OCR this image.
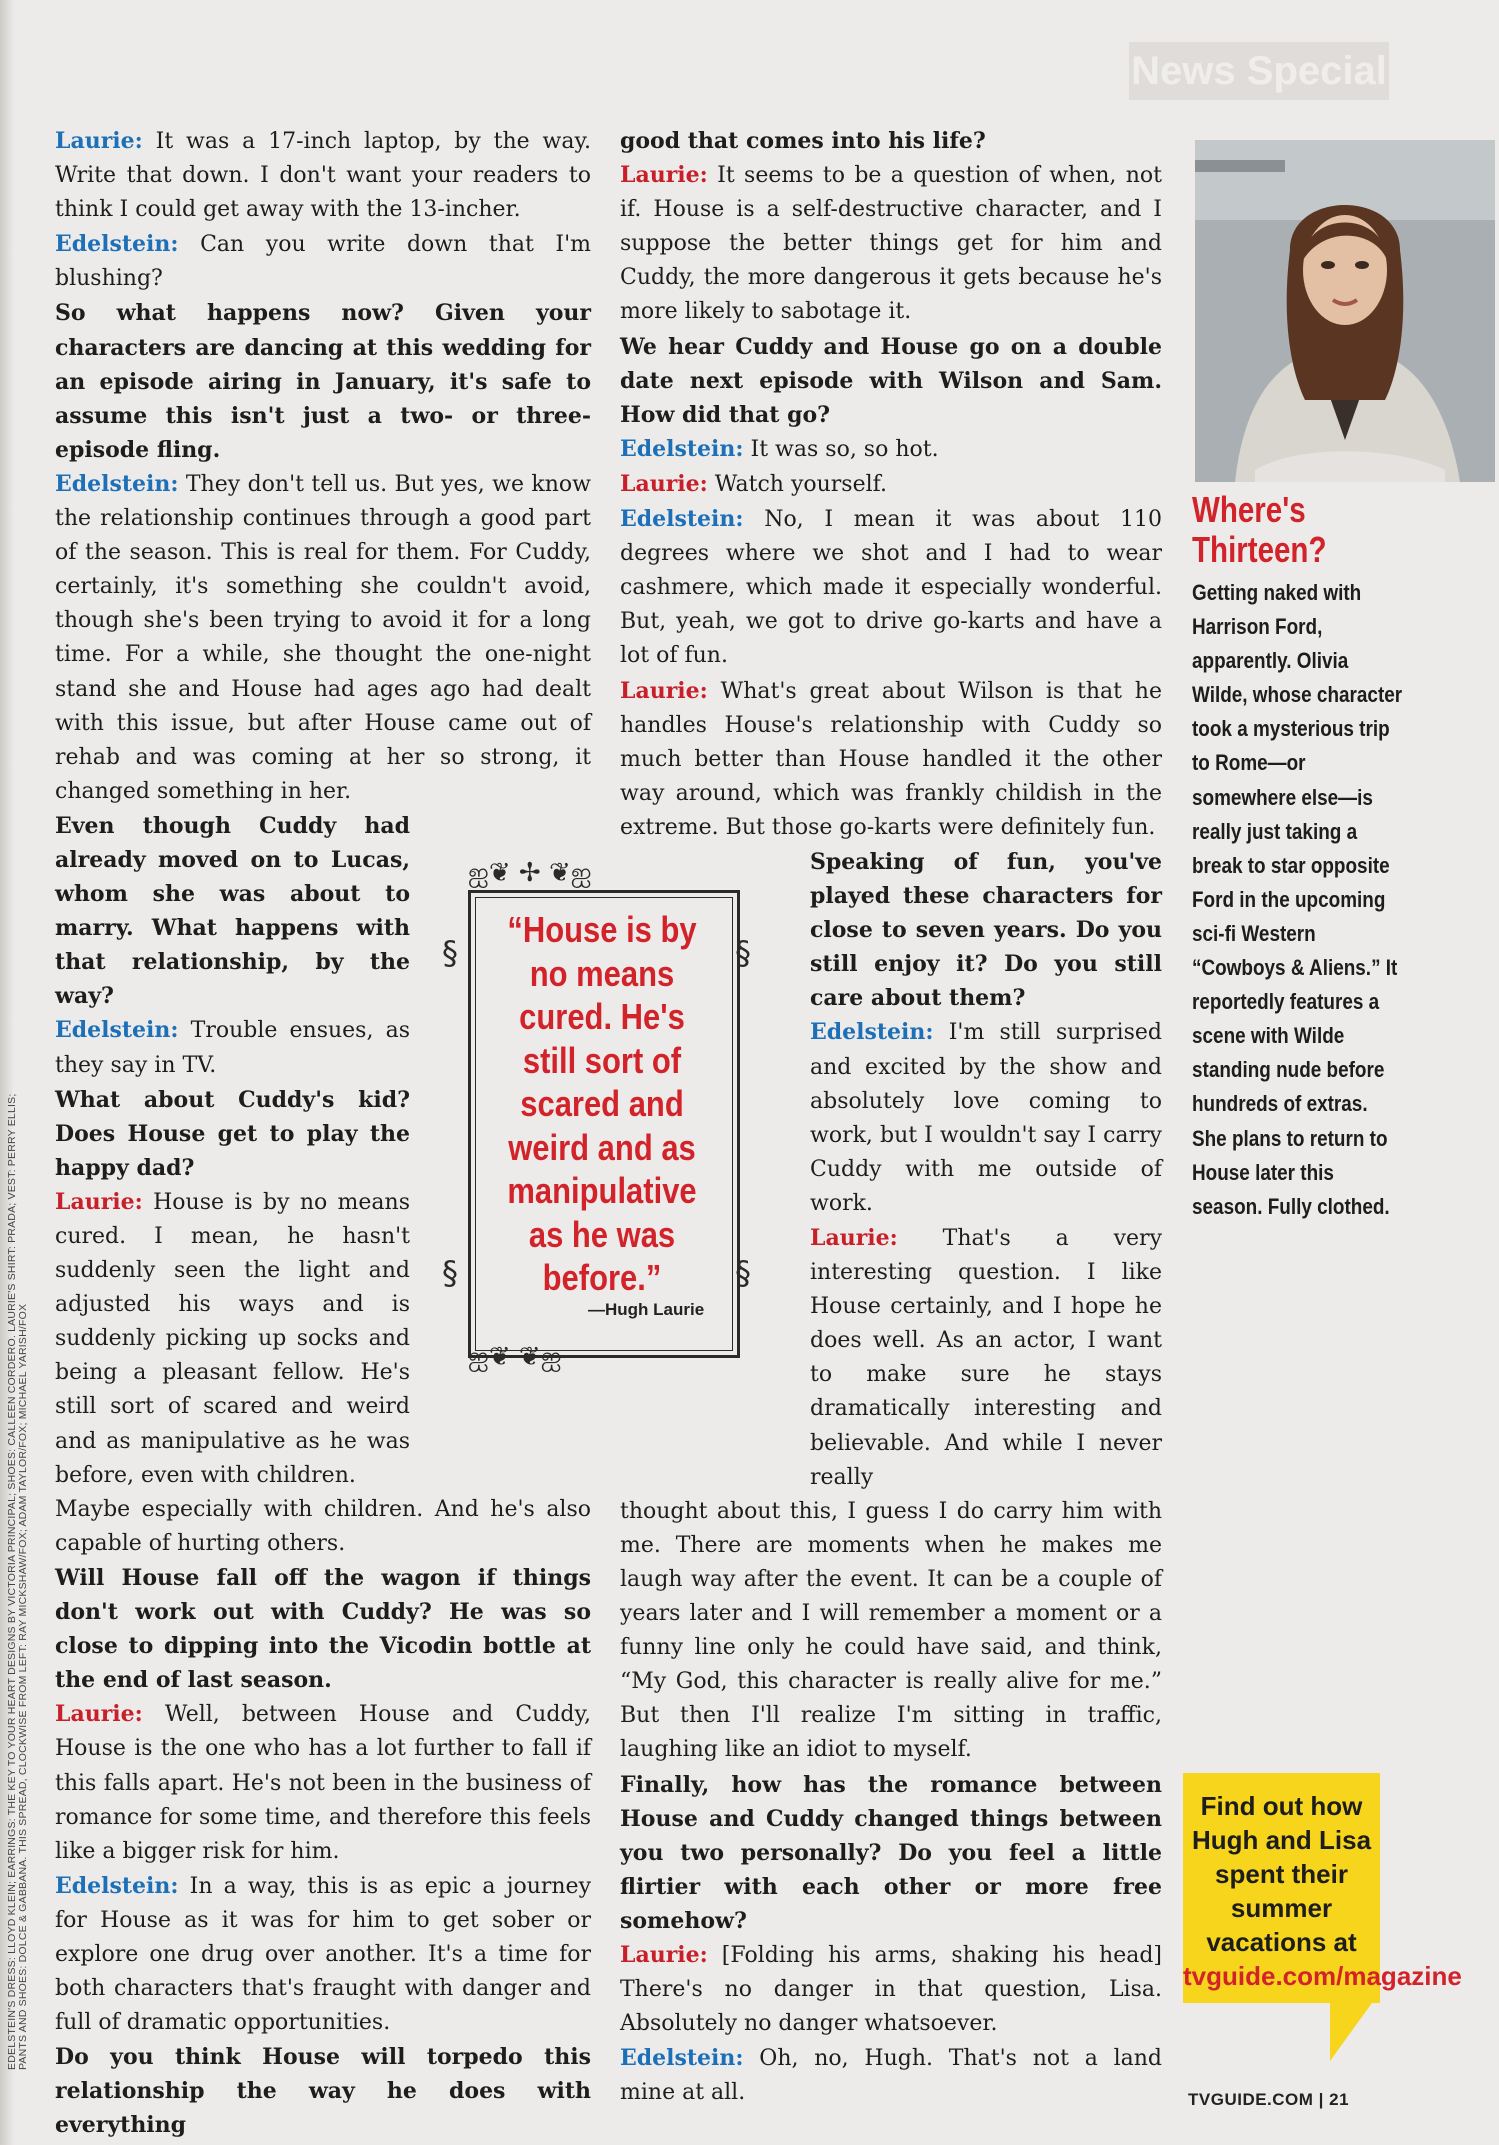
News Special
EDELSTEIN'S DRESS: LLOYD KLEIN; EARRINGS: THE KEY TO YOUR HEART DESIGNS BY VICTORIA PRINCIPAL; SHOES: CALLEEN CORDERO. LAURIE'S SHIRT: PRADA; VEST: PERRY ELLIS; PANTS AND SHOES: DOLCE & GABBANA. THIS SPREAD, CLOCKWISE FROM LEFT: RAY MICKSHAW/FOX; ADAM TAYLOR/FOX; MICHAEL YARISH/FOX

Laurie: It was a 17-inch laptop, by the way. Write that down. I don't want your readers to think I could get away with the 13-incher.

Edelstein: Can you write down that I'm blushing?

So what happens now? Given your characters are dancing at this wedding for an episode airing in January, it's safe to assume this isn't just a two- or three-episode fling.

Edelstein: They don't tell us. But yes, we know the relationship continues through a good part of the season. This is real for them. For Cuddy, certainly, it's something she couldn't avoid, though she's been trying to avoid it for a long time. For a while, she thought the one-night stand she and House had ages ago had dealt with this issue, but after House came out of rehab and was coming at her so strong, it changed something in her.

Even though Cuddy had already moved on to Lucas, whom she was about to marry. What happens with that relationship, by the way?

Edelstein: Trouble ensues, as they say in TV.

What about Cuddy's kid? Does House get to play the happy dad?

Laurie: House is by no means cured. I mean, he hasn't suddenly seen the light and adjusted his ways and is suddenly picking up socks and being a pleasant fellow. He's still sort of scared and weird and as manipulative as he was before, even with children.

Maybe especially with children. And he's also capable of hurting others.

Will House fall off the wagon if things don't work out with Cuddy? He was so close to dipping into the Vicodin bottle at the end of last season.

Laurie: Well, between House and Cuddy, House is the one who has a lot further to fall if this falls apart. He's not been in the business of romance for some time, and therefore this feels like a bigger risk for him.

Edelstein: In a way, this is as epic a journey for House as it was for him to get sober or explore one drug over another. It's a time for both characters that's fraught with danger and full of dramatic opportunities.

Do you think House will torpedo this relationship the way he does with everything

good that comes into his life?

Laurie: It seems to be a question of when, not if. House is a self-destructive character, and I suppose the better things get for him and Cuddy, the more dangerous it gets because he's more likely to sabotage it.

We hear Cuddy and House go on a double date next episode with Wilson and Sam. How did that go?

Edelstein: It was so, so hot.

Laurie: Watch yourself.

Edelstein: No, I mean it was about 110 degrees where we shot and I had to wear cashmere, which made it especially wonderful. But, yeah, we got to drive go-karts and have a lot of fun.

Laurie: What's great about Wilson is that he handles House's relationship with Cuddy so much better than House handled it the other way around, which was frankly childish in the extreme. But those go-karts were definitely fun.

Speaking of fun, you've played these characters for close to seven years. Do you still enjoy it? Do you still care about them?

Edelstein: I'm still surprised and excited by the show and absolutely love coming to work, but I wouldn't say I carry Cuddy with me outside of work.

Laurie: That's a very interesting question. I like House certainly, and I hope he does well. As an actor, I want to make sure he stays dramatically interesting and believable. And while I never really

thought about this, I guess I do carry him with me. There are moments when he makes me laugh way after the event. It can be a couple of years later and I will remember a moment or a funny line only he could have said, and think, “My God, this character is really alive for me.” But then I'll realize I'm sitting in traffic, laughing like an idiot to myself.

Finally, how has the romance between House and Cuddy changed things between you two personally? Do you feel a little flirtier with each other or more free somehow?

Laurie: [Folding his arms, shaking his head] There's no danger in that question, Lisa. Absolutely no danger whatsoever.

Edelstein: Oh, no, Hugh. That's not a land mine at all.

ஐ❦ ✢ ❦ஐ
ஐ❦ ❦ஐ
§	§
§	§
“House is by no means cured. He's still sort of scared and weird and as manipulative as he was before.”
—Hugh Laurie
Where's Thirteen?
Getting naked with Harrison Ford, apparently. Olivia Wilde, whose character took a mysterious trip to Rome—or somewhere else—is really just taking a break to star opposite Ford in the upcoming sci-fi Western “Cowboys & Aliens.” It reportedly features a scene with Wilde standing nude before hundreds of extras. She plans to return to House later this season. Fully clothed.
Find out how Hugh and Lisa spent their summer vacations at
tvguide.com/magazine
TVGUIDE.COM | 21
